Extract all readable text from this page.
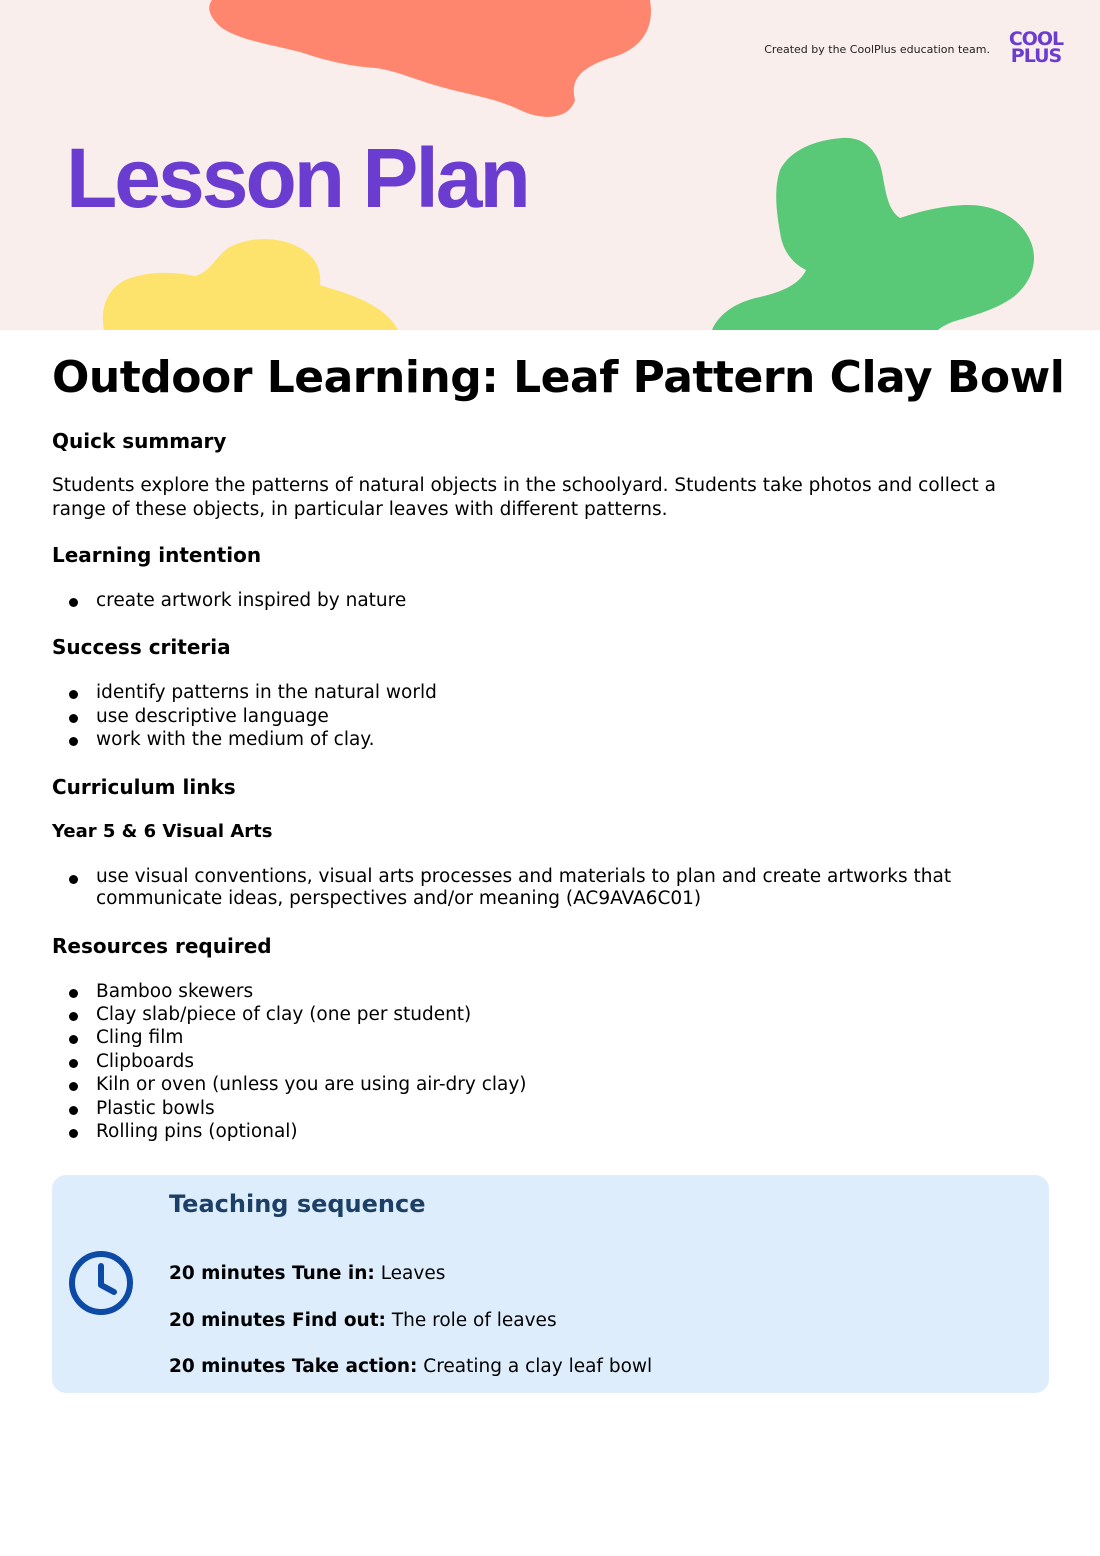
Created by the CoolPlus education team. COOL
PLUS
Lesson Plan
Outdoor Learning: Leaf Pattern Clay Bowl
Quick summary

Students explore the patterns of natural objects in the schoolyard. Students take photos and collect a range of these objects, in particular leaves with different patterns.

Learning intention
create artwork inspired by nature
Success criteria
identify patterns in the natural world
use descriptive language
work with the medium of clay.
Curriculum links
Year 5 & 6 Visual Arts
use visual conventions, visual arts processes and materials to plan and create artworks that communicate ideas, perspectives and/or meaning (AC9AVA6C01)
Resources required
Bamboo skewers
Clay slab/piece of clay (one per student)
Cling film
Clipboards
Kiln or oven (unless you are using air-dry clay)
Plastic bowls
Rolling pins (optional)
Teaching sequence
20 minutes Tune in: Leaves
20 minutes Find out: The role of leaves
20 minutes Take action: Creating a clay leaf bowl
